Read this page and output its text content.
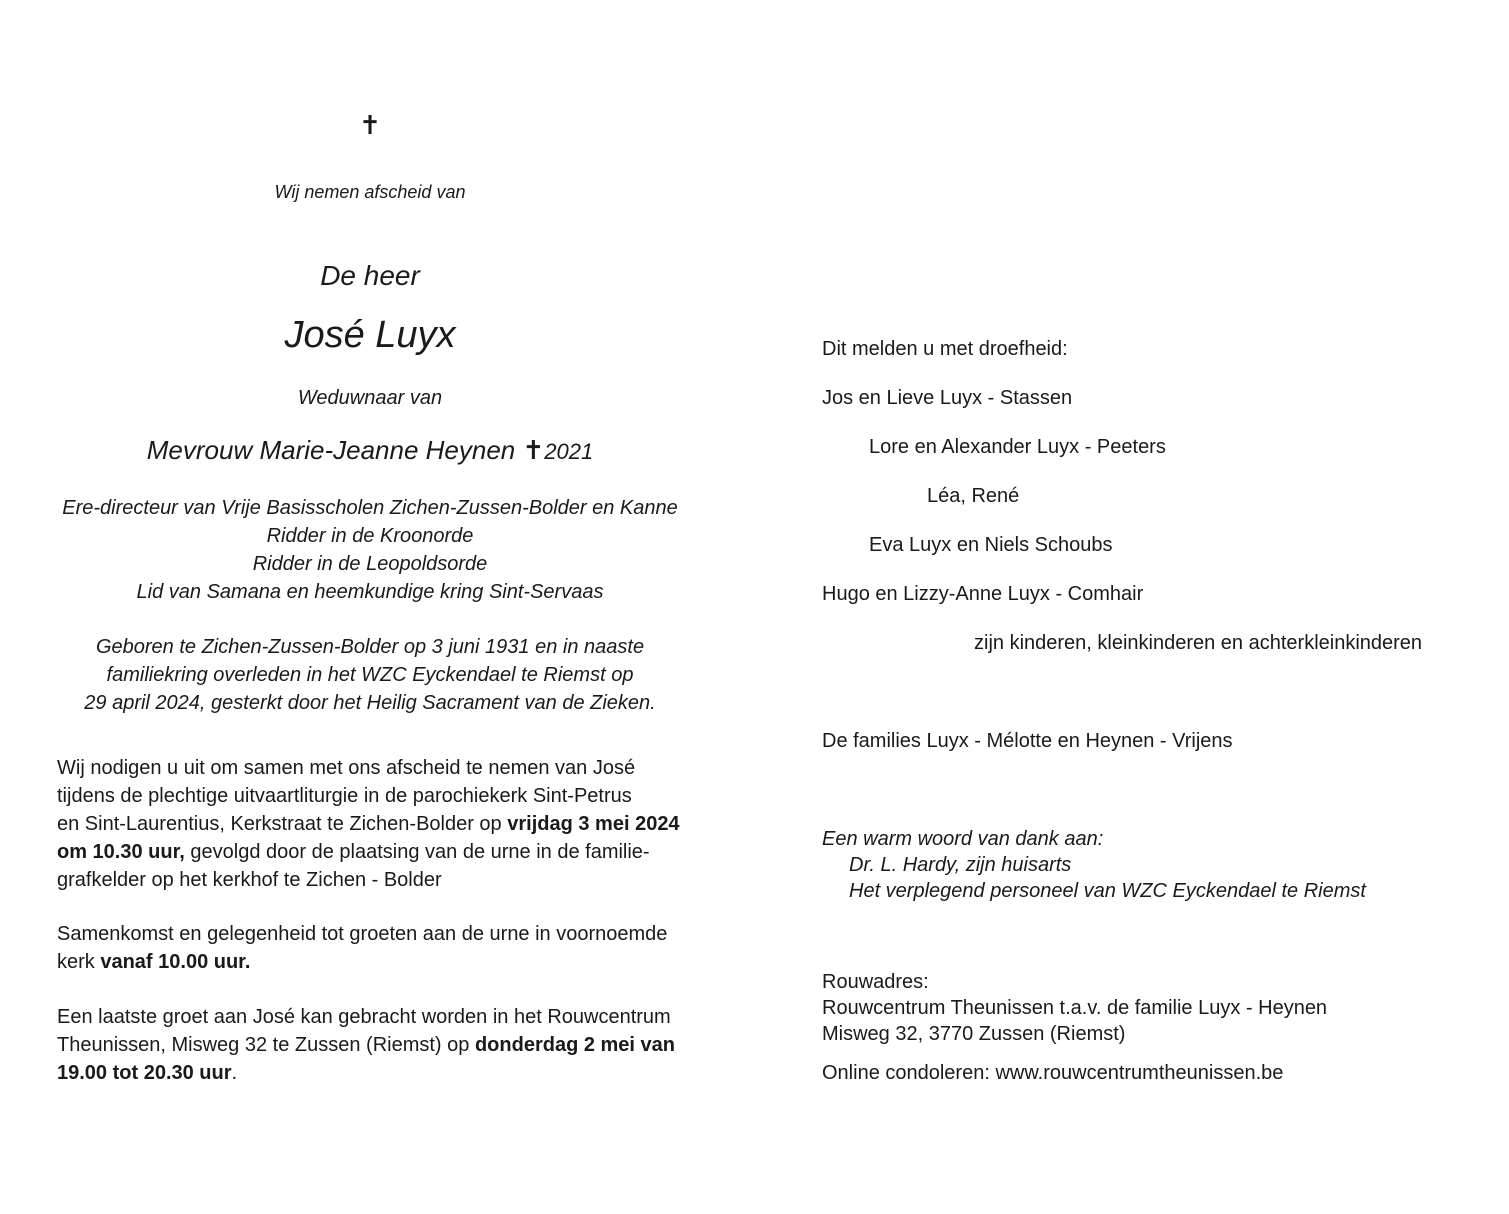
✝
Wij nemen afscheid van
De heer
José Luyx
Weduwnaar van
Mevrouw Marie-Jeanne Heynen ✝2021
Ere-directeur van Vrije Basisscholen Zichen-Zussen-Bolder en Kanne
Ridder in de Kroonorde
Ridder in de Leopoldsorde
Lid van Samana en heemkundige kring Sint-Servaas
Geboren te Zichen-Zussen-Bolder op 3 juni 1931 en in naaste
familiekring overleden in het WZC Eyckendael te Riemst op
29 april 2024, gesterkt door het Heilig Sacrament van de Zieken.
Wij nodigen u uit om samen met ons afscheid te nemen van José
tijdens de plechtige uitvaartliturgie in de parochiekerk Sint-Petrus
en Sint-Laurentius, Kerkstraat te Zichen-Bolder op vrijdag 3 mei 2024
om 10.30 uur, gevolgd door de plaatsing van de urne in de familie-
grafkelder op het kerkhof te Zichen - Bolder
Samenkomst en gelegenheid tot groeten aan de urne in voornoemde
kerk vanaf 10.00 uur.
Een laatste groet aan José kan gebracht worden in het Rouwcentrum
Theunissen, Misweg 32 te Zussen (Riemst) op donderdag 2 mei van
19.00 tot 20.30 uur.
Dit melden u met droefheid:
Jos en Lieve Luyx - Stassen
Lore en Alexander Luyx - Peeters
Léa, René
Eva Luyx en Niels Schoubs
Hugo en Lizzy-Anne Luyx - Comhair
zijn kinderen, kleinkinderen en achterkleinkinderen
De families Luyx - Mélotte en Heynen - Vrijens
Een warm woord van dank aan:
Dr. L. Hardy, zijn huisarts
Het verplegend personeel van WZC Eyckendael te Riemst
Rouwadres:
Rouwcentrum Theunissen t.a.v. de familie Luyx - Heynen
Misweg 32, 3770 Zussen (Riemst)
Online condoleren: www.rouwcentrumtheunissen.be
